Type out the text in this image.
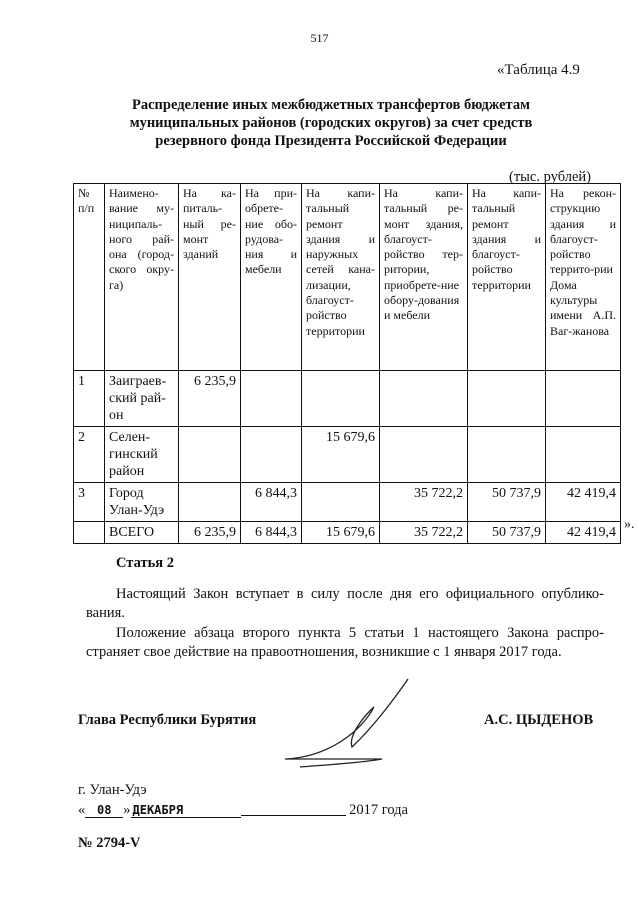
517
«Таблица 4.9
Распределение иных межбюджетных трансфертов бюджетам муниципальных районов (городских округов) за счет средств резервного фонда Президента Российской Федерации
(тыс. рублей)
№ п/п	Наимено-вание му-ниципаль-ного рай-она (город-ского окру-га)	На ка-питаль-ный ре-монт зданий	На при-обрете-ние обо-рудова-ния и мебели	На капи-тальный ремонт здания и наружных сетей кана-лизации, благоуст-ройство территории	На капи-тальный ре-монт здания, благоуст-ройство тер-ритории, приобрете-ние обору-дования и мебели	На капи-тальный ремонт здания и благоуст-ройство территории	На рекон-струкцию здания и благоуст-ройство террито-рии Дома культуры имени А.П. Ваг-жанова
1	Заиграев-ский рай-он	6 235,9					
2	Селен-гинский район			15 679,6			
3	Город Улан-Удэ		6 844,3		35 722,2	50 737,9	42 419,4
	ВСЕГО	6 235,9	6 844,3	15 679,6	35 722,2	50 737,9	42 419,4
».
Статья 2
Настоящий Закон вступает в силу после дня его официального опублико-вания.
Положение абзаца второго пункта 5 статьи 1 настоящего Закона распро-страняет свое действие на правоотношения, возникшие с 1 января 2017 года.
Глава Республики Бурятия	А.С. ЦЫДЕНОВ
г. Улан-Удэ
« 08 » ДЕКАБРЯ	2017 года
№ 2794-V
